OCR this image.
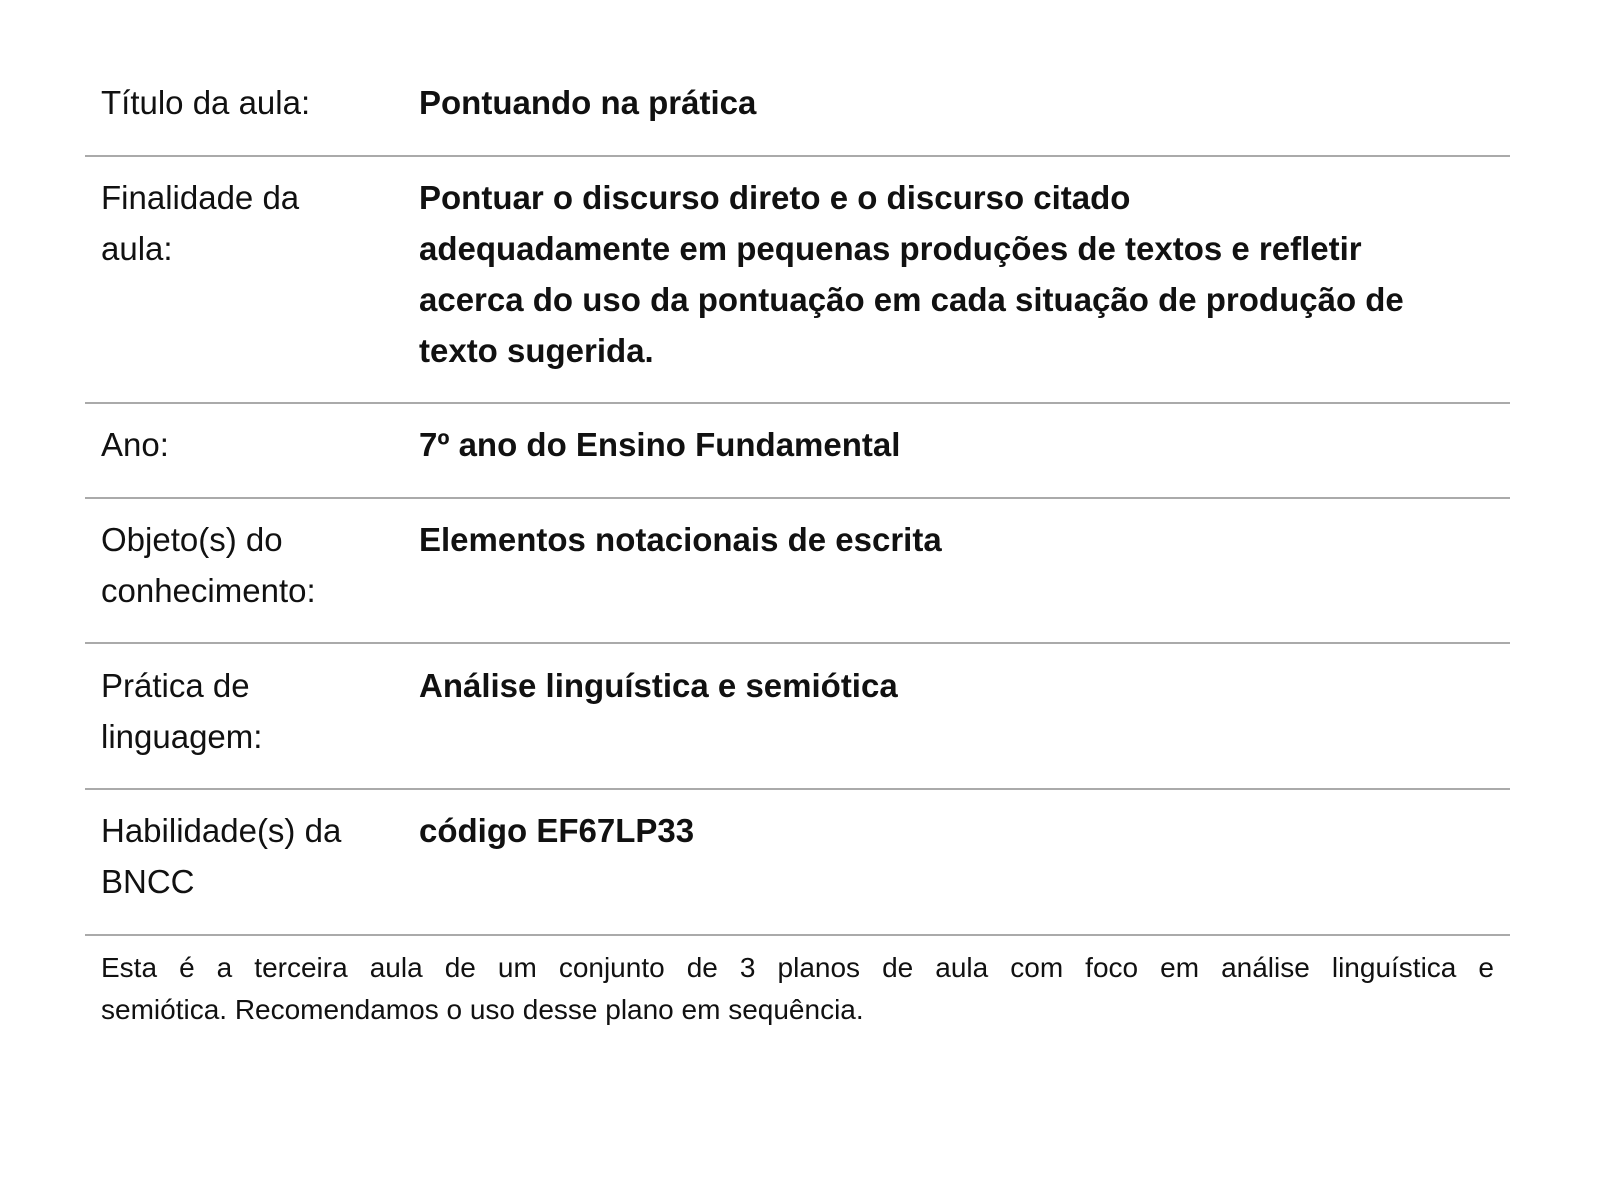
Título da aula:	Pontuando na prática
Finalidade da aula:
Pontuar o discurso direto e o discurso citado
adequadamente em pequenas produções de textos e refletir
acerca do uso da pontuação em cada situação de produção de
texto sugerida.
Ano:	7º ano do Ensino Fundamental
Objeto(s) do conhecimento:
Elementos notacionais de escrita
Prática de linguagem:
Análise linguística e semiótica
Habilidade(s) da BNCC
código EF67LP33
Esta é a terceira aula de um conjunto de 3 planos de aula com foco em análise linguística e
semiótica. Recomendamos o uso desse plano em sequência.
